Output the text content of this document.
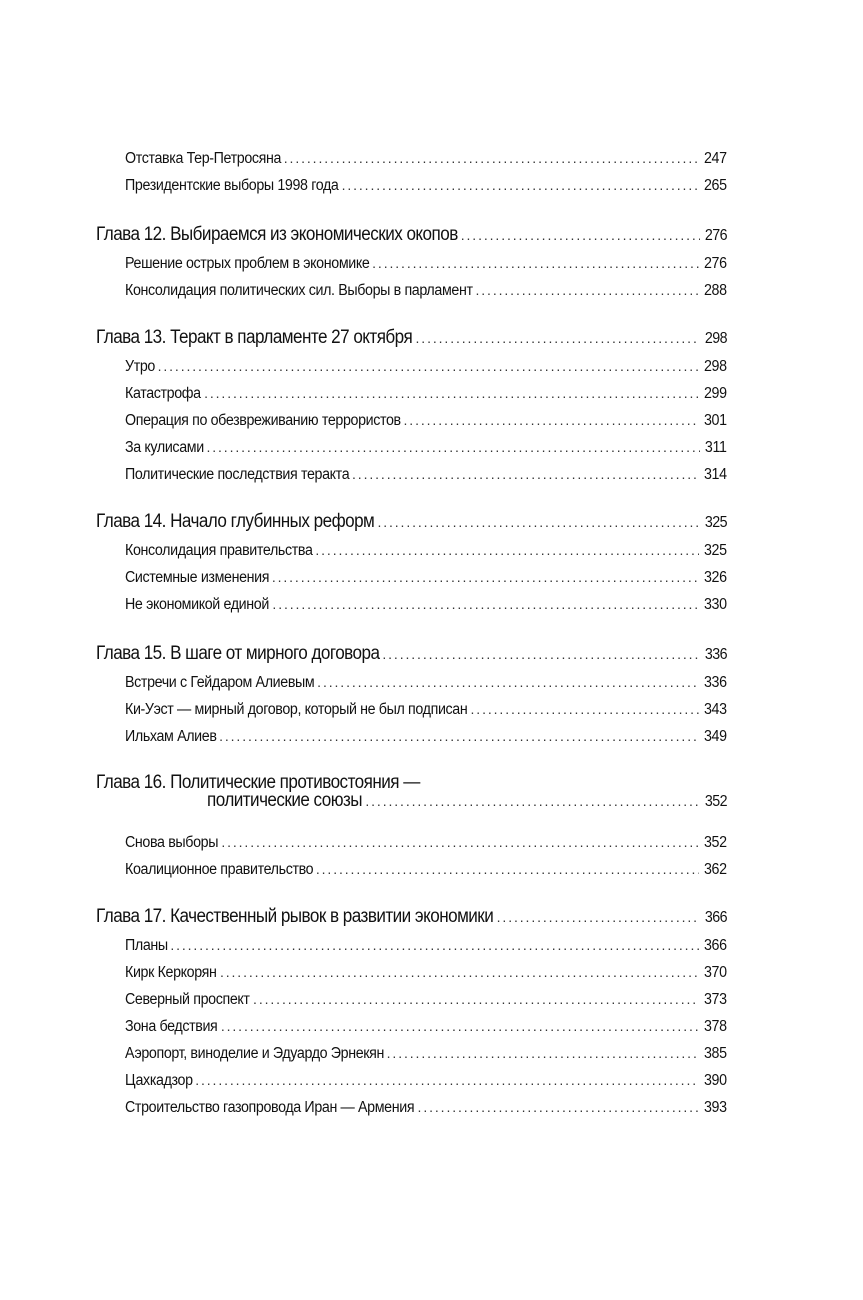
Отставка Тер-Петросяна . . .	247
Президентские выборы 1998 года . . .	265
Глава 12. Выбираемся из экономических окопов . . .	276
Решение острых проблем в экономике . . .	276
Консолидация политических сил. Выборы в парламент . . .	288
Глава 13. Теракт в парламенте 27 октября . . .	298
Утро . . .	298
Катастрофа . . .	299
Операция по обезвреживанию террористов . . .	301
За кулисами . . .	311
Политические последствия теракта . . .	314
Глава 14. Начало глубинных реформ . . .	325
Консолидация правительства . . .	325
Системные изменения . . .	326
Не экономикой единой . . .	330
Глава 15. В шаге от мирного договора . . .	336
Встречи с Гейдаром Алиевым . . .	336
Ки-Уэст — мирный договор, который не был подписан . . .	343
Ильхам Алиев . . .	349
Глава 16. Политические противостояния —
политические союзы . . .	352
Снова выборы . . .	352
Коалиционное правительство . . .	362
Глава 17. Качественный рывок в развитии экономики . . .	366
Планы . . .	366
Кирк Керкорян . . .	370
Северный проспект . . .	373
Зона бедствия . . .	378
Аэропорт, виноделие и Эдуардо Эрнекян . . .	385
Цахкадзор . . .	390
Строительство газопровода Иран — Армения . . .	393
